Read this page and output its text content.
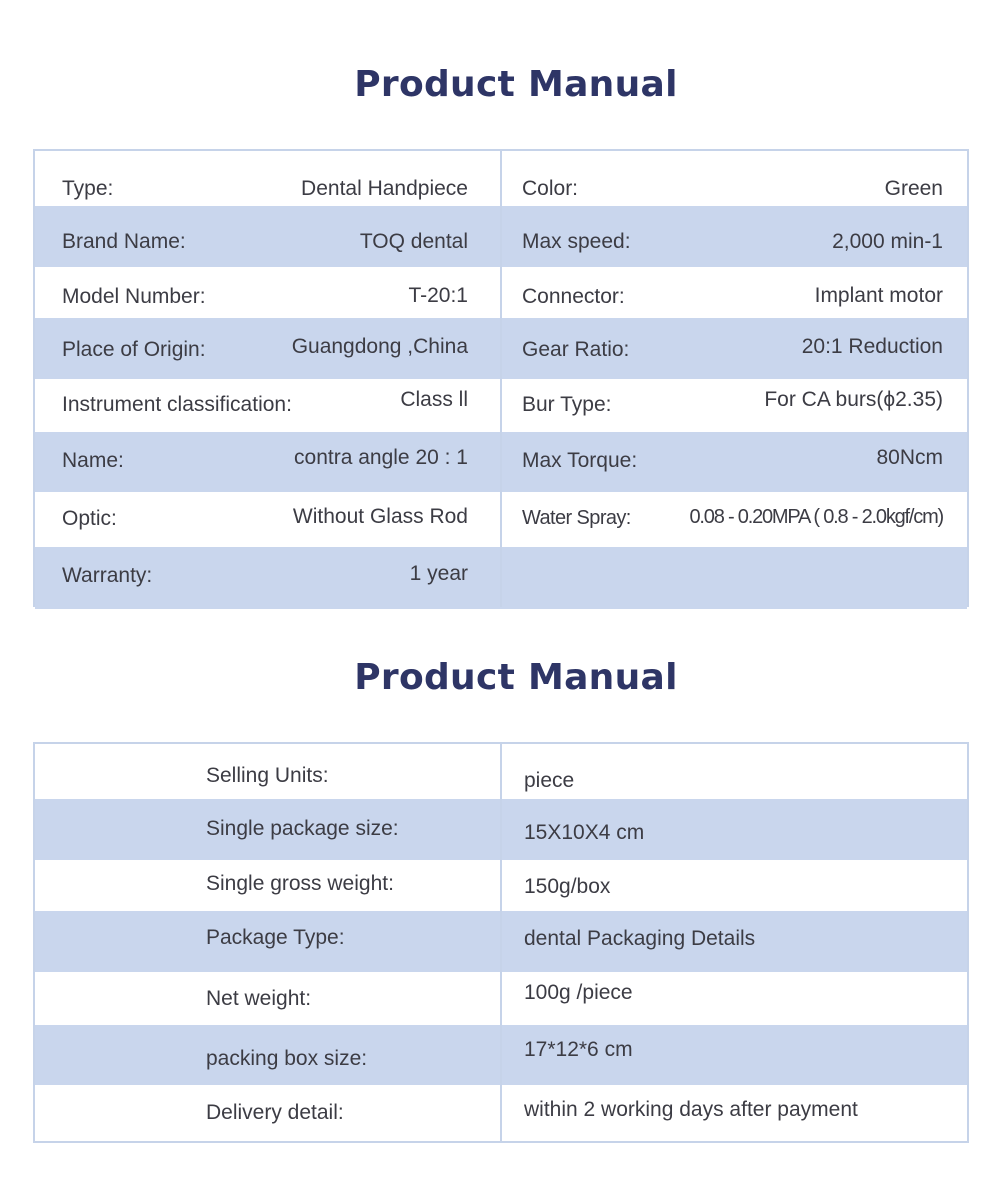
Product Manual
Type:	Dental Handpiece	Color:	Green
Brand Name:	TOQ dental	Max speed:	2,000 min-1
Model Number:	T-20:1	Connector:	Implant motor
Place of Origin:	Guangdong ,China	Gear Ratio:	20:1 Reduction
Instrument classification:	Class ll	Bur Type:	For CA burs(ϕ2.35)
Name:	contra angle 20 : 1	Max Torque:	80Ncm
Optic:	Without Glass Rod	Water Spray:	0.08 - 0.20MPA ( 0.8 - 2.0kgf/cm)
Warranty:	1 year
Product Manual
Selling Units:	piece
Single package size:	15X10X4 cm
Single gross weight:	150g/box
Package Type:	dental Packaging Details
Net weight:	100g /piece
packing box size:	17*12*6 cm
Delivery detail:	within 2 working days after payment
